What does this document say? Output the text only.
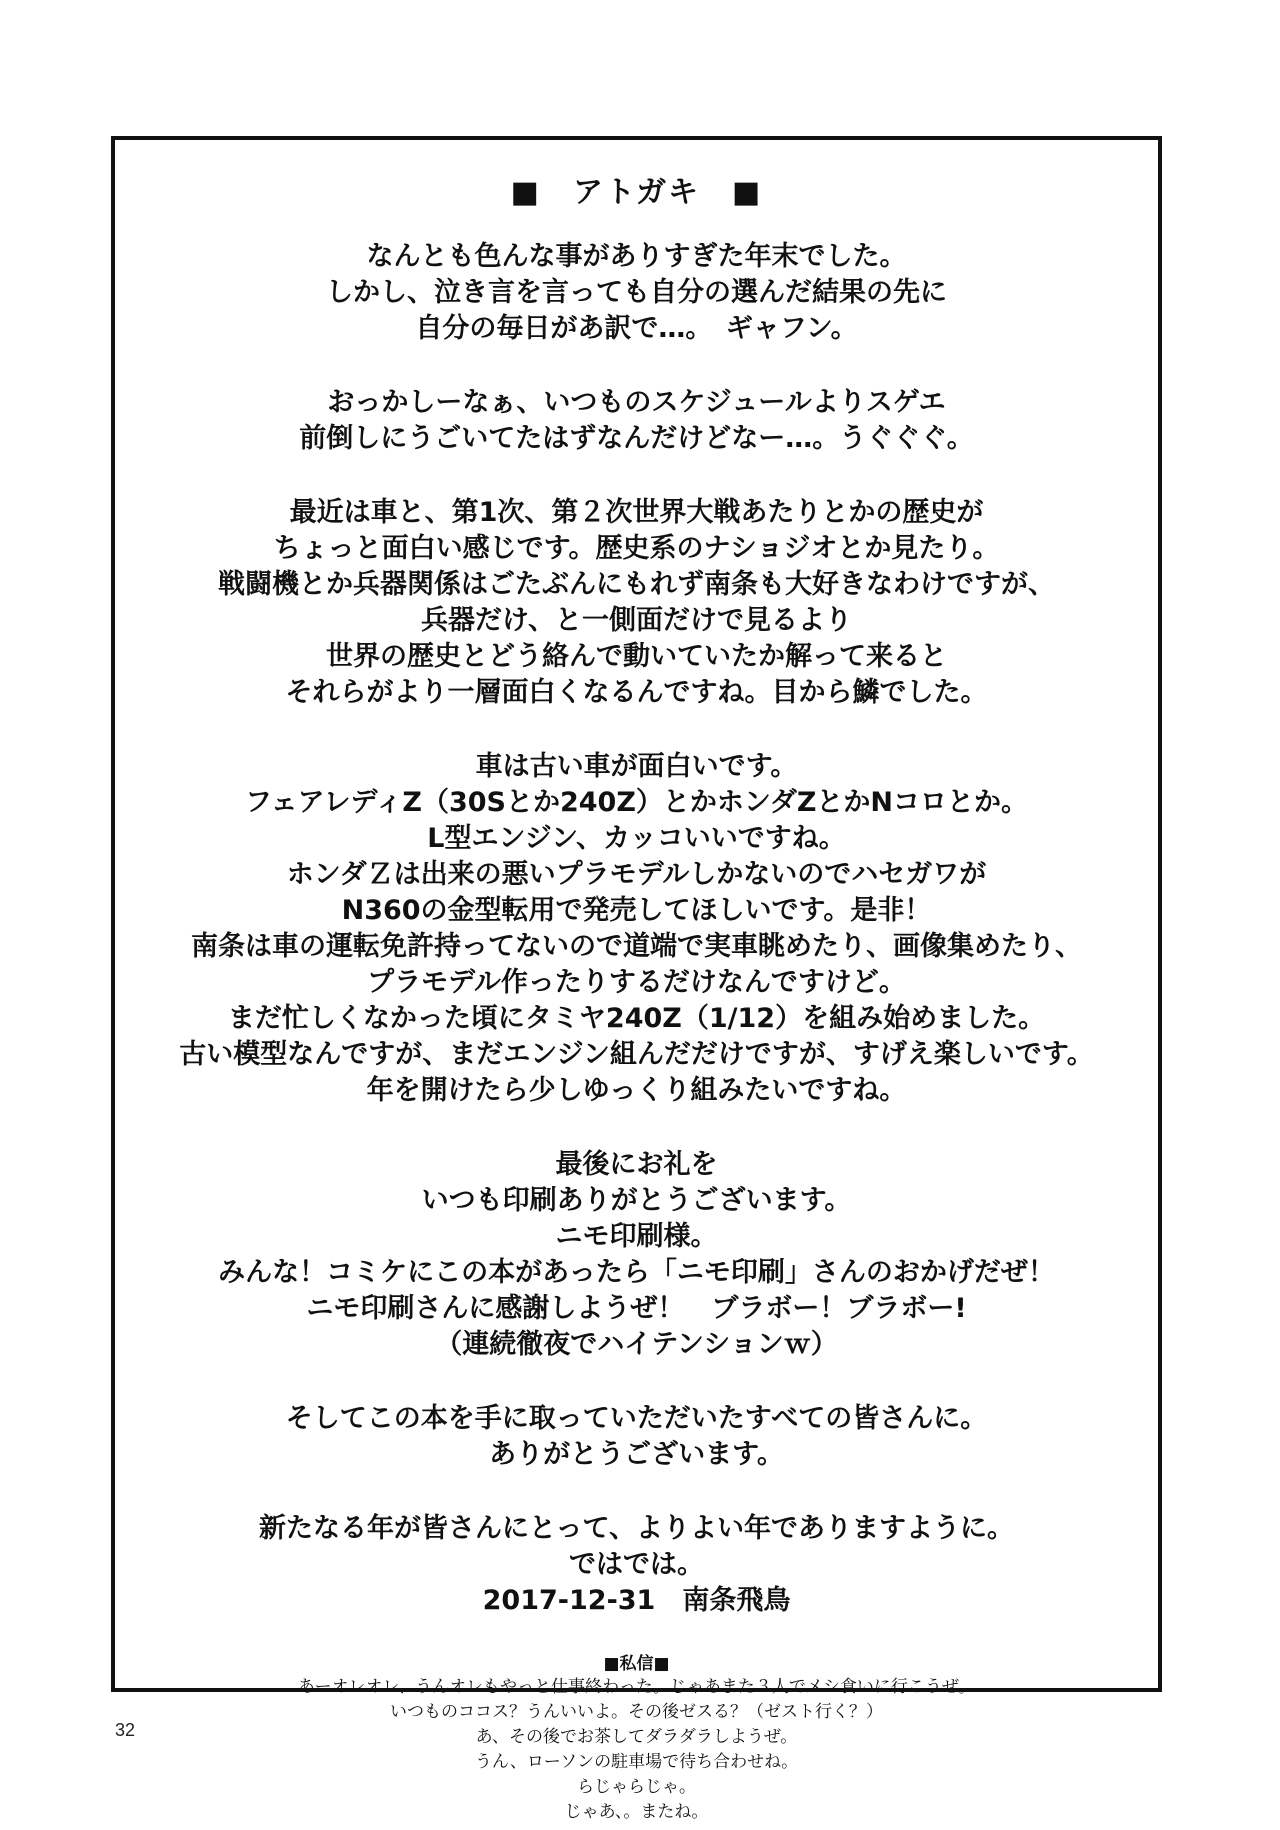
■　アトガキ　■
なんとも色んな事がありすぎた年末でした。
しかし、泣き言を言っても自分の選んだ結果の先に
自分の毎日があ訳で…。　ギャフン。
おっかしーなぁ、いつものスケジュールよりスゲエ
前倒しにうごいてたはずなんだけどなー…。うぐぐぐ。
最近は車と、第1次、第２次世界大戦あたりとかの歴史が
ちょっと面白い感じです。歴史系のナショジオとか見たり。
戦闘機とか兵器関係はごたぶんにもれず南条も大好きなわけですが、
兵器だけ、と一側面だけで見るより
世界の歴史とどう絡んで動いていたか解って来ると
それらがより一層面白くなるんですね。目から鱗でした。
車は古い車が面白いです。
フェアレディZ（30Sとか240Z）とかホンダZとかNコロとか。
L型エンジン、カッコいいですね。
ホンダＺは出来の悪いプラモデルしかないのでハセガワが
N360の金型転用で発売してほしいです。是非！
南条は車の運転免許持ってないので道端で実車眺めたり、画像集めたり、
プラモデル作ったりするだけなんですけど。
まだ忙しくなかった頃にタミヤ240Z（1/12）を組み始めました。
古い模型なんですが、まだエンジン組んだだけですが、すげえ楽しいです。
年を開けたら少しゆっくり組みたいですね。
最後にお礼を
いつも印刷ありがとうございます。
ニモ印刷様。
みんな！コミケにこの本があったら「ニモ印刷」さんのおかげだぜ！
ニモ印刷さんに感謝しようぜ！　ブラボー！ブラボー!
（連続徹夜でハイテンションｗ）
そしてこの本を手に取っていただいたすべての皆さんに。
ありがとうございます。
新たなる年が皆さんにとって、よりよい年でありますように。
ではでは。
2017-12-31　南条飛鳥
■私信■
あーオレオレ、うんオレもやっと仕事終わった。じゃあまた３人でメシ食いに行こうぜ。
いつものココス？うんいいよ。その後ゼスる？（ゼスト行く？）
あ、その後でお茶してダラダラしようぜ。
うん、ローソンの駐車場で待ち合わせね。
らじゃらじゃ。
じゃあ、。またね。
32
